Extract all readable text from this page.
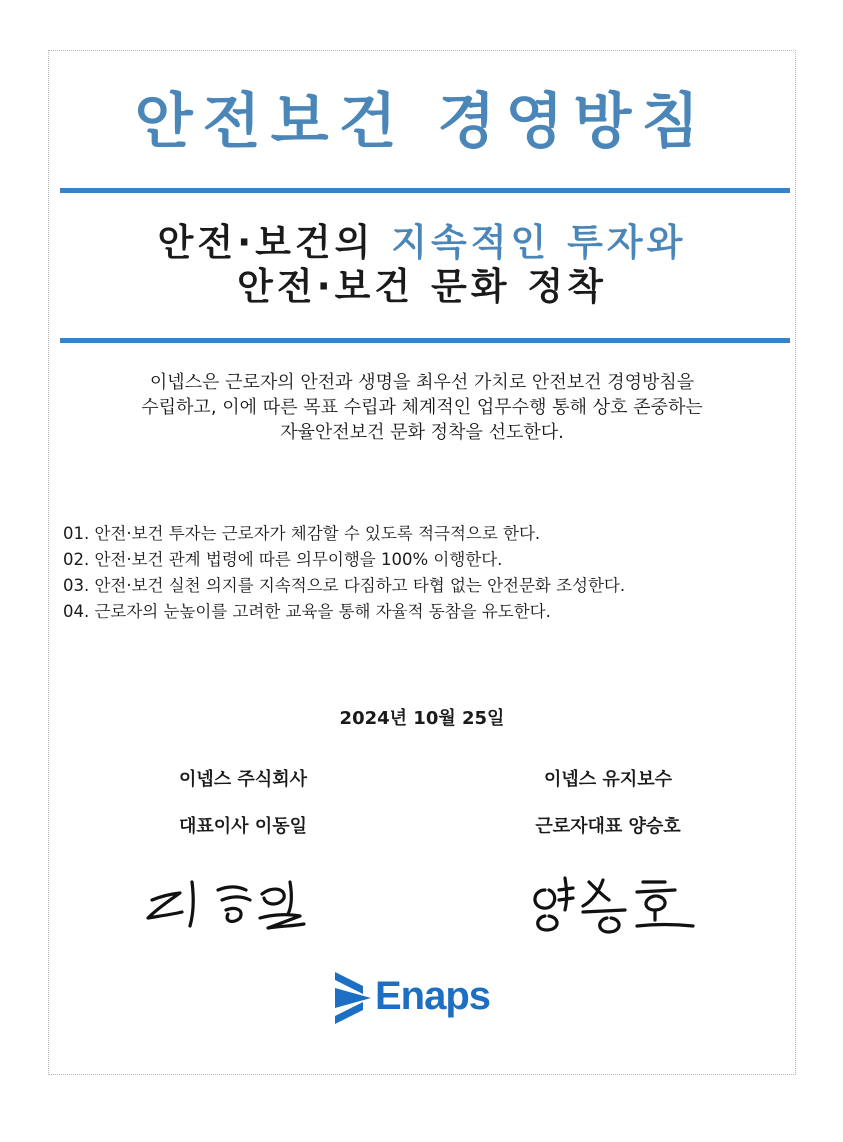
안전보건 경영방침
안전·보건의 지속적인 투자와
안전·보건 문화 정착
이넵스은 근로자의 안전과 생명을 최우선 가치로 안전보건 경영방침을
수립하고, 이에 따른 목표 수립과 체계적인 업무수행 통해 상호 존중하는
자율안전보건 문화 정착을 선도한다.
01. 안전·보건 투자는 근로자가 체감할 수 있도록 적극적으로 한다.
02. 안전·보건 관계 법령에 따른 의무이행을 100% 이행한다.
03. 안전·보건 실천 의지를 지속적으로 다짐하고 타협 없는 안전문화 조성한다.
04. 근로자의 눈높이를 고려한 교육을 통해 자율적 동참을 유도한다.
2024년 10월 25일
이넵스 주식회사
대표이사 이동일
이넵스 유지보수
근로자대표 양승호
Enaps
